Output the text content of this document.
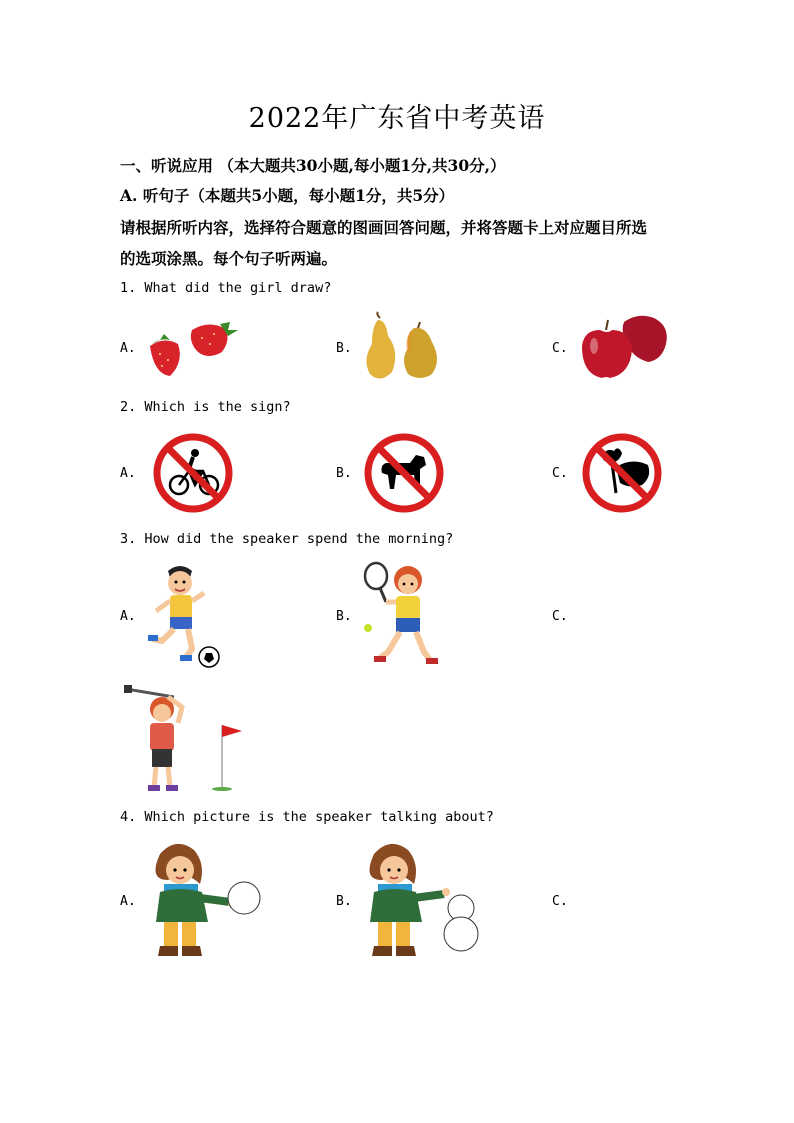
2022年广东省中考英语
一、听说应用 （本大题共30小题,每小题1分,共30分,）
A. 听句子（本题共5小题，每小题1分，共5分）
请根据所听内容，选择符合题意的图画回答问题，并将答题卡上对应题目所选
的选项涂黑。每个句子听两遍。
1. What did the girl draw?
A.	B.	C.
2. Which is the sign?
A.	B.	C.
3. How did the speaker spend the morning?
A.	B.	C.
4. Which picture is the speaker talking about?
A.	B.	C.
